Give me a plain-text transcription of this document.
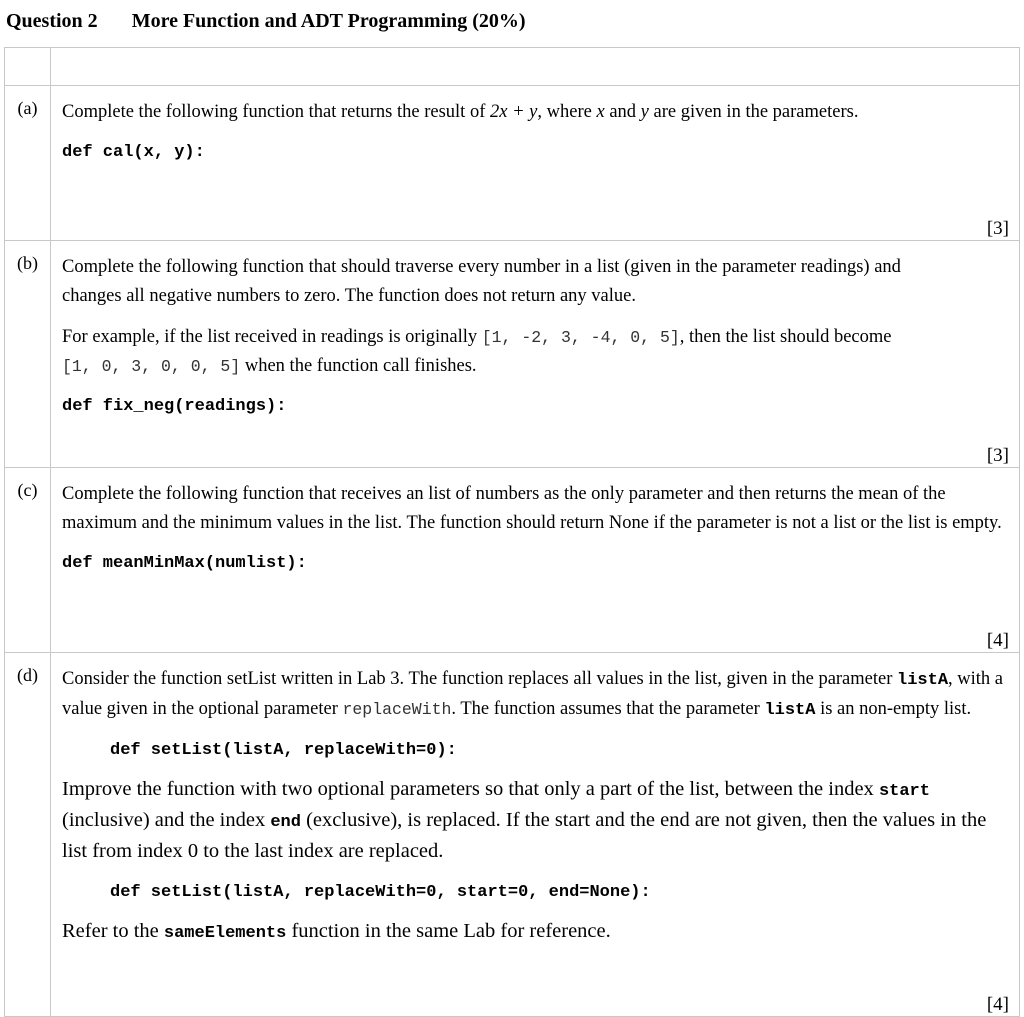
Question 2 More Function and ADT Programming (20%)
(a)	Complete the following function that returns the result of 2x + y, where x and y are given in the parameters.

def cal(x, y):

[3]
(b)	Complete the following function that should traverse every number in a list (given in the parameter readings) and changes all negative numbers to zero. The function does not return any value.

For example, if the list received in readings is originally [1, -2, 3, -4, 0, 5], then the list should become [1, 0, 3, 0, 0, 5] when the function call finishes.

def fix_neg(readings):

[3]
(c)	Complete the following function that receives an list of numbers as the only parameter and then returns the mean of the maximum and the minimum values in the list. The function should return None if the parameter is not a list or the list is empty.

def meanMinMax(numlist):

[4]
(d)	Consider the function setList written in Lab 3. The function replaces all values in the list, given in the parameter listA, with a value given in the optional parameter replaceWith. The function assumes that the parameter listA is an non-empty list.

def setList(listA, replaceWith=0):

Improve the function with two optional parameters so that only a part of the list, between the index start (inclusive) and the index end (exclusive), is replaced. If the start and the end are not given, then the values in the list from index 0 to the last index are replaced.

def setList(listA, replaceWith=0, start=0, end=None):

Refer to the sameElements function in the same Lab for reference.

[4]
